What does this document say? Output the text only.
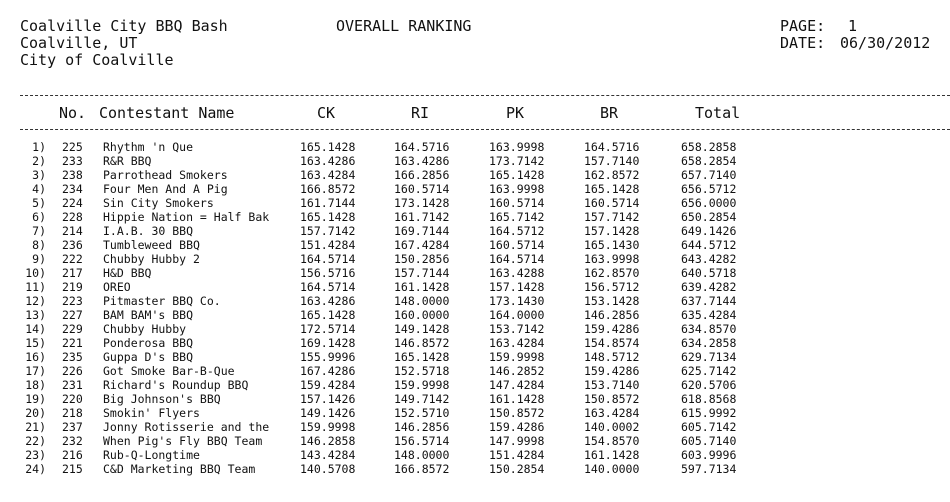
Coalville City BBQ Bash
Coalville, UT
City of Coalville
OVERALL RANKING	PAGE: 1
DATE: 06/30/2012
No. Contestant Name	CK	RI	PK	BR	Total
1) 225 Rhythm 'n Que	165.1428	164.5716	163.9998	164.5716	658.2858
2) 233 R&R BBQ	163.4286	163.4286	173.7142	157.7140	658.2854
3) 238 Parrothead Smokers	163.4284	166.2856	165.1428	162.8572	657.7140
4) 234 Four Men And A Pig	166.8572	160.5714	163.9998	165.1428	656.5712
5) 224 Sin City Smokers	161.7144	173.1428	160.5714	160.5714	656.0000
6) 228 Hippie Nation = Half Bak	165.1428	161.7142	165.7142	157.7142	650.2854
7) 214 I.A.B. 30 BBQ	157.7142	169.7144	164.5712	157.1428	649.1426
8) 236 Tumbleweed BBQ	151.4284	167.4284	160.5714	165.1430	644.5712
9) 222 Chubby Hubby 2	164.5714	150.2856	164.5714	163.9998	643.4282
10) 217 H&D BBQ	156.5716	157.7144	163.4288	162.8570	640.5718
11) 219 OREO	164.5714	161.1428	157.1428	156.5712	639.4282
12) 223 Pitmaster BBQ Co.	163.4286	148.0000	173.1430	153.1428	637.7144
13) 227 BAM BAM's BBQ	165.1428	160.0000	164.0000	146.2856	635.4284
14) 229 Chubby Hubby	172.5714	149.1428	153.7142	159.4286	634.8570
15) 221 Ponderosa BBQ	169.1428	146.8572	163.4284	154.8574	634.2858
16) 235 Guppa D's BBQ	155.9996	165.1428	159.9998	148.5712	629.7134
17) 226 Got Smoke Bar-B-Que	167.4286	152.5718	146.2852	159.4286	625.7142
18) 231 Richard's Roundup BBQ	159.4284	159.9998	147.4284	153.7140	620.5706
19) 220 Big Johnson's BBQ	157.1426	149.7142	161.1428	150.8572	618.8568
20) 218 Smokin' Flyers	149.1426	152.5710	150.8572	163.4284	615.9992
21) 237 Jonny Rotisserie and the	159.9998	146.2856	159.4286	140.0002	605.7142
22) 232 When Pig's Fly BBQ Team	146.2858	156.5714	147.9998	154.8570	605.7140
23) 216 Rub-Q-Longtime	143.4284	148.0000	151.4284	161.1428	603.9996
24) 215 C&D Marketing BBQ Team	140.5708	166.8572	150.2854	140.0000	597.7134
